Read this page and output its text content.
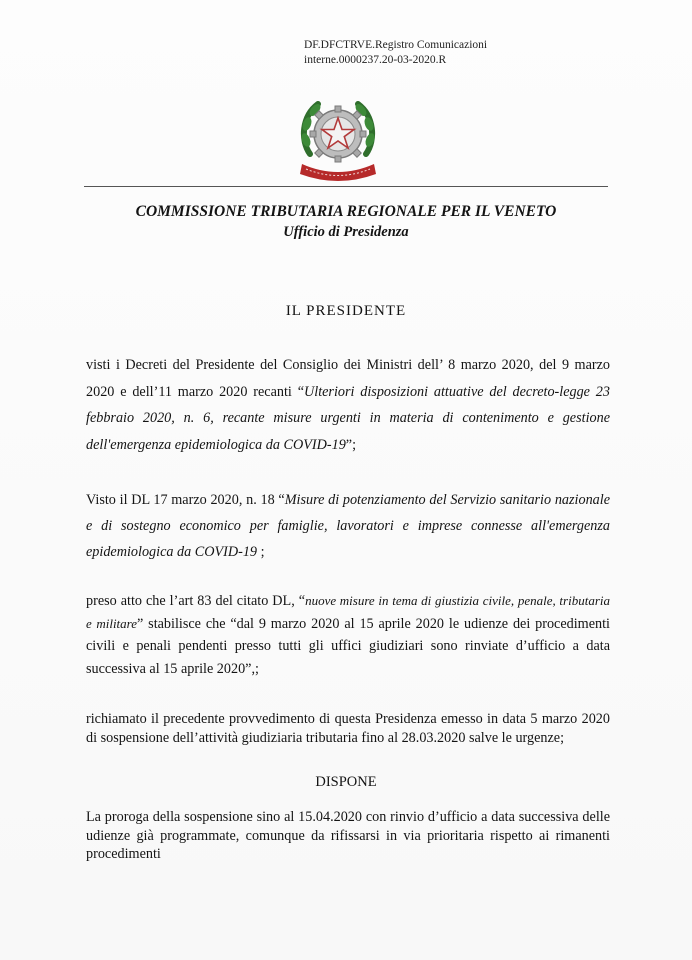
DF.DFCTRVE.Registro Comunicazioni
interne.0000237.20-03-2020.R
COMMISSIONE TRIBUTARIA REGIONALE PER IL VENETO
Ufficio di Presidenza
IL PRESIDENTE
visti i Decreti del Presidente del Consiglio dei Ministri dell’ 8 marzo 2020, del 9 marzo 2020 e dell’11 marzo 2020 recanti “Ulteriori disposizioni attuative del decreto-legge 23 febbraio 2020, n. 6, recante misure urgenti in materia di contenimento e gestione dell'emergenza epidemiologica da COVID-19”;
Visto il DL 17 marzo 2020, n. 18 “Misure di potenziamento del Servizio sanitario nazionale e di sostegno economico per famiglie, lavoratori e imprese connesse all'emergenza epidemiologica da COVID-19 ;
preso atto che l’art 83 del citato DL, “nuove misure in tema di giustizia civile, penale, tributaria e militare” stabilisce che “dal 9 marzo 2020 al 15 aprile 2020 le udienze dei procedimenti civili e penali pendenti presso tutti gli uffici giudiziari sono rinviate d’ufficio a data successiva al 15 aprile 2020”,;
richiamato il precedente provvedimento di questa Presidenza emesso in data 5 marzo 2020 di sospensione dell’attività giudiziaria tributaria fino al 28.03.2020 salve le urgenze;
DISPONE
La proroga della sospensione sino al 15.04.2020 con rinvio d’ufficio a data successiva delle udienze già programmate, comunque da rifissarsi in via prioritaria rispetto ai rimanenti procedimenti
